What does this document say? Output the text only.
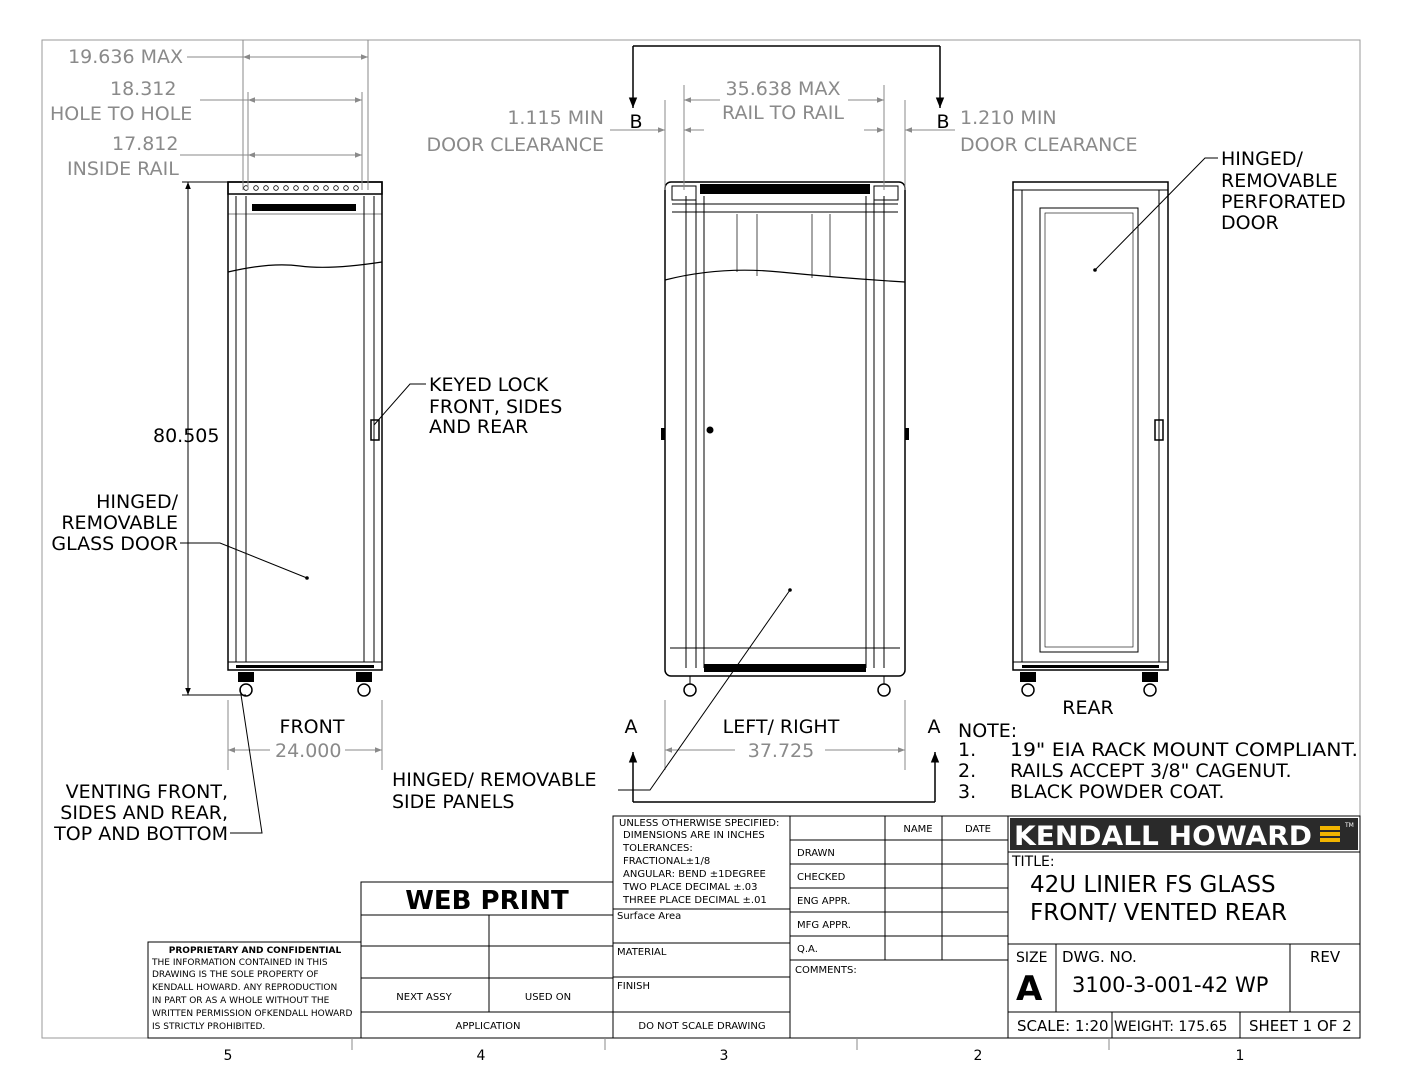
19.636 MAX
18.312
HOLE TO HOLE
17.812
INSIDE RAIL
80.505
24.000
FRONT
35.638 MAX
RAIL TO RAIL
1.115 MIN
DOOR CLEARANCE
1.210 MIN
DOOR CLEARANCE
B	B
A	A
LEFT/ RIGHT
37.725
REAR
KEYED LOCK
FRONT, SIDES
AND REAR
HINGED/
REMOVABLE
GLASS DOOR
VENTING FRONT,
SIDES AND REAR,
TOP AND BOTTOM
HINGED/ REMOVABLE
SIDE PANELS
HINGED/
REMOVABLE
PERFORATED
DOOR
NOTE:
1. 19" EIA RACK MOUNT COMPLIANT.
2. RAILS ACCEPT 3/8" CAGENUT.
3. BLACK POWDER COAT.
PROPRIETARY AND CONFIDENTIAL
THE INFORMATION CONTAINED IN THIS
DRAWING IS THE SOLE PROPERTY OF
KENDALL HOWARD. ANY REPRODUCTION
IN PART OR AS A WHOLE WITHOUT THE
WRITTEN PERMISSION OFKENDALL HOWARD
IS STRICTLY PROHIBITED.
WEB PRINT
NEXT ASSY	USED ON
APPLICATION
UNLESS OTHERWISE SPECIFIED:
DIMENSIONS ARE IN INCHES
TOLERANCES:
FRACTIONAL±1/8
ANGULAR: BEND ±1DEGREE
TWO PLACE DECIMAL ±.03
THREE PLACE DECIMAL ±.01
Surface Area
MATERIAL
FINISH
DO NOT SCALE DRAWING
NAME	DATE
DRAWN
CHECKED
ENG APPR.
MFG APPR.
Q.A.
COMMENTS:
KENDALL HOWARD	TM
TITLE:
42U LINIER FS GLASS
FRONT/ VENTED REAR
SIZE
A
DWG. NO.
3100-3-001-42 WP
REV
SCALE: 1:20 WEIGHT: 175.65 SHEET 1 OF 2
5	4	3	2	1
